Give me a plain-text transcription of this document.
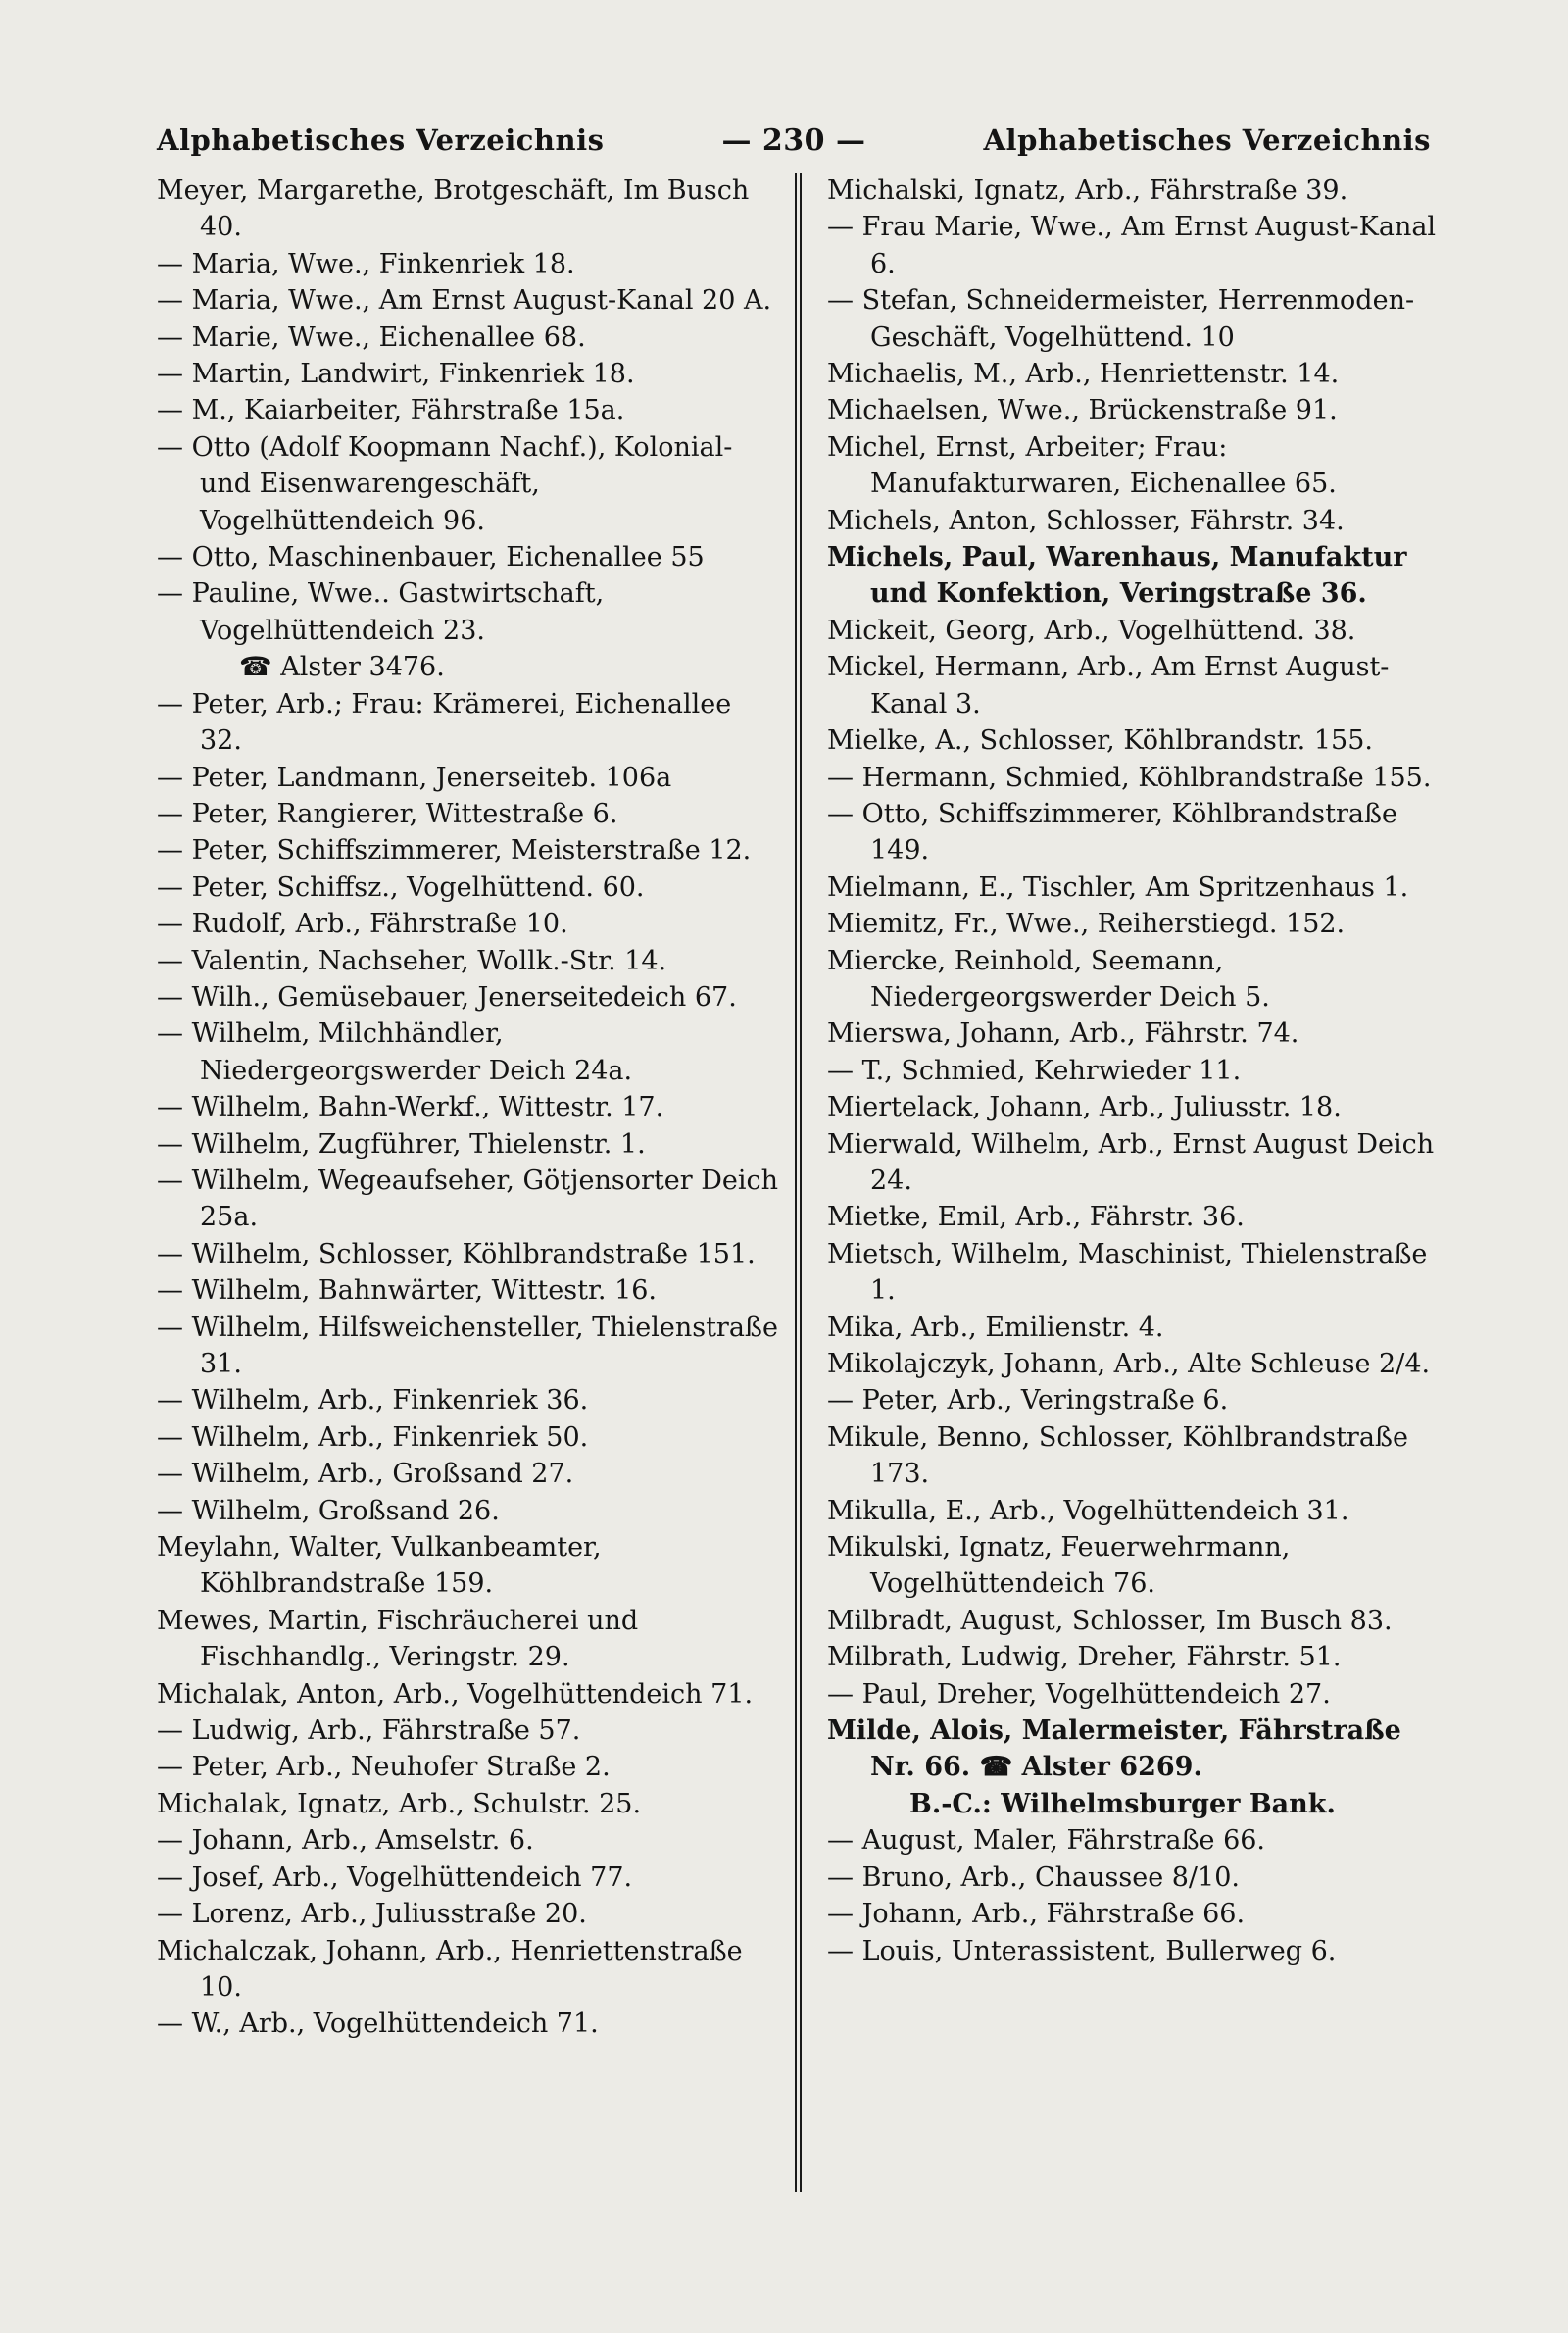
Alphabetisches Verzeichnis	— 230 —	Alphabetisches Verzeichnis
Meyer, Margarethe, Brotgeschäft, Im Busch 40.
— Maria, Wwe., Finkenriek 18.
— Maria, Wwe., Am Ernst August-Kanal 20 A.
— Marie, Wwe., Eichenallee 68.
— Martin, Landwirt, Finkenriek 18.
— M., Kaiarbeiter, Fährstraße 15a.
— Otto (Adolf Koopmann Nachf.), Kolonial- und Eisenwarengeschäft, Vogelhüttendeich 96.
— Otto, Maschinenbauer, Eichenallee 55
— Pauline, Wwe.. Gastwirtschaft, Vogelhüttendeich 23.
☎ Alster 3476.
— Peter, Arb.; Frau: Krämerei, Eichenallee 32.
— Peter, Landmann, Jenerseiteb. 106a
— Peter, Rangierer, Wittestraße 6.
— Peter, Schiffszimmerer, Meisterstraße 12.
— Peter, Schiffsz., Vogelhüttend. 60.
— Rudolf, Arb., Fährstraße 10.
— Valentin, Nachseher, Wollk.-Str. 14.
— Wilh., Gemüsebauer, Jenerseitedeich 67.
— Wilhelm, Milchhändler, Niedergeorgswerder Deich 24a.
— Wilhelm, Bahn-Werkf., Wittestr. 17.
— Wilhelm, Zugführer, Thielenstr. 1.
— Wilhelm, Wegeaufseher, Götjensorter Deich 25a.
— Wilhelm, Schlosser, Köhlbrandstraße 151.
— Wilhelm, Bahnwärter, Wittestr. 16.
— Wilhelm, Hilfsweichensteller, Thielenstraße 31.
— Wilhelm, Arb., Finkenriek 36.
— Wilhelm, Arb., Finkenriek 50.
— Wilhelm, Arb., Großsand 27.
— Wilhelm, Großsand 26.
Meylahn, Walter, Vulkanbeamter, Köhlbrandstraße 159.
Mewes, Martin, Fischräucherei und Fischhandlg., Veringstr. 29.
Michalak, Anton, Arb., Vogelhüttendeich 71.
— Ludwig, Arb., Fährstraße 57.
— Peter, Arb., Neuhofer Straße 2.
Michalak, Ignatz, Arb., Schulstr. 25.
— Johann, Arb., Amselstr. 6.
— Josef, Arb., Vogelhüttendeich 77.
— Lorenz, Arb., Juliusstraße 20.
Michalczak, Johann, Arb., Henriettenstraße 10.
— W., Arb., Vogelhüttendeich 71.
Michalski, Ignatz, Arb., Fährstraße 39.
— Frau Marie, Wwe., Am Ernst August-Kanal 6.
— Stefan, Schneidermeister, Herrenmoden-Geschäft, Vogelhüttend. 10
Michaelis, M., Arb., Henriettenstr. 14.
Michaelsen, Wwe., Brückenstraße 91.
Michel, Ernst, Arbeiter; Frau: Manufakturwaren, Eichenallee 65.
Michels, Anton, Schlosser, Fährstr. 34.
Michels, Paul, Warenhaus, Manufaktur und Konfektion, Veringstraße 36.
Mickeit, Georg, Arb., Vogelhüttend. 38.
Mickel, Hermann, Arb., Am Ernst August-Kanal 3.
Mielke, A., Schlosser, Köhlbrandstr. 155.
— Hermann, Schmied, Köhlbrandstraße 155.
— Otto, Schiffszimmerer, Köhlbrandstraße 149.
Mielmann, E., Tischler, Am Spritzenhaus 1.
Miemitz, Fr., Wwe., Reiherstiegd. 152.
Miercke, Reinhold, Seemann, Niedergeorgswerder Deich 5.
Mierswa, Johann, Arb., Fährstr. 74.
— T., Schmied, Kehrwieder 11.
Miertelack, Johann, Arb., Juliusstr. 18.
Mierwald, Wilhelm, Arb., Ernst August Deich 24.
Mietke, Emil, Arb., Fährstr. 36.
Mietsch, Wilhelm, Maschinist, Thielenstraße 1.
Mika, Arb., Emilienstr. 4.
Mikolajczyk, Johann, Arb., Alte Schleuse 2/4.
— Peter, Arb., Veringstraße 6.
Mikule, Benno, Schlosser, Köhlbrandstraße 173.
Mikulla, E., Arb., Vogelhüttendeich 31.
Mikulski, Ignatz, Feuerwehrmann, Vogelhüttendeich 76.
Milbradt, August, Schlosser, Im Busch 83.
Milbrath, Ludwig, Dreher, Fährstr. 51.
— Paul, Dreher, Vogelhüttendeich 27.
Milde, Alois, Malermeister, Fährstraße Nr. 66. ☎ Alster 6269.
B.-C.: Wilhelmsburger Bank.
— August, Maler, Fährstraße 66.
— Bruno, Arb., Chaussee 8/10.
— Johann, Arb., Fährstraße 66.
— Louis, Unterassistent, Bullerweg 6.
